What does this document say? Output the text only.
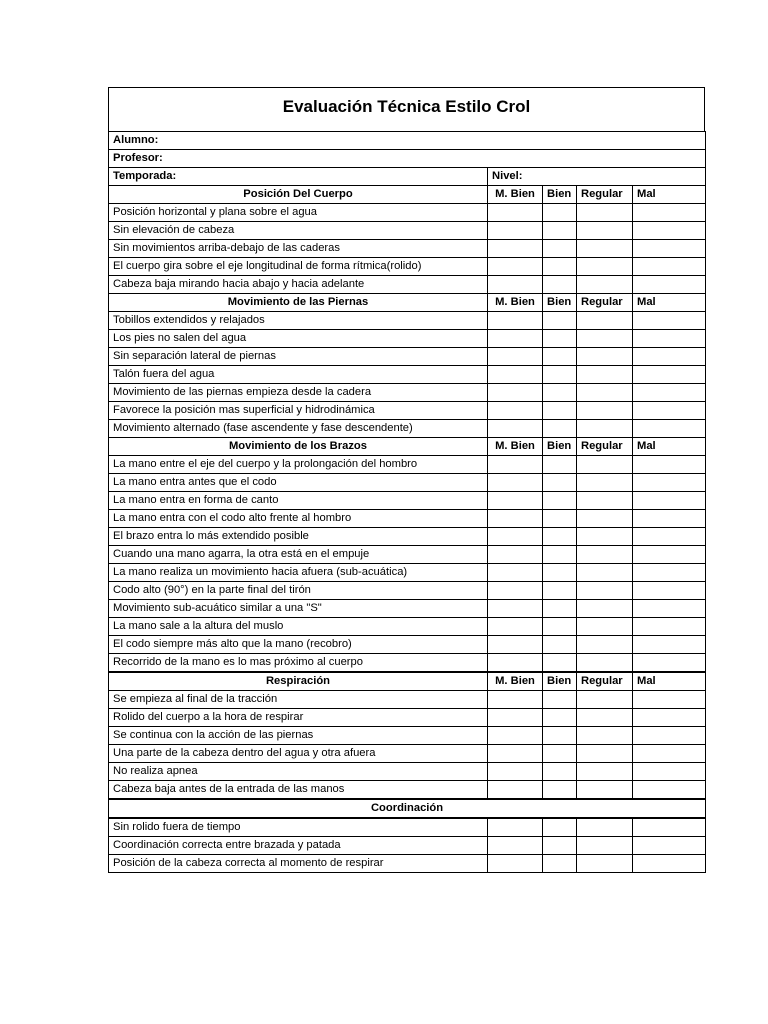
Evaluación Técnica Estilo Crol
Alumno:				
Profesor:				
Temporada:	Nivel:			
Posición Del Cuerpo	M. Bien	Bien	Regular	Mal
Posición horizontal y plana sobre el agua				
Sin elevación de cabeza				
Sin movimientos arriba-debajo de las caderas				
El cuerpo gira sobre el eje longitudinal de forma rítmica(rolido)				
Cabeza baja mirando hacia abajo y hacia adelante				
Movimiento de las Piernas	M. Bien	Bien	Regular	Mal
Tobillos extendidos y relajados				
Los pies no salen del agua				
Sin separación lateral de piernas				
Talón fuera del agua				
Movimiento de las piernas empieza desde la cadera				
Favorece la posición mas superficial y hidrodinámica				
Movimiento alternado (fase ascendente y fase descendente)				
Movimiento de los Brazos	M. Bien	Bien	Regular	Mal
La mano entre el eje del cuerpo y la prolongación del hombro				
La mano entra antes que el codo				
La mano entra en forma de canto				
La mano entra con el codo alto frente al hombro				
El brazo entra lo más extendido posible				
Cuando una mano agarra, la otra está en el empuje				
La mano realiza un movimiento hacia afuera (sub-acuática)				
Codo alto (90°) en la parte final del tirón				
Movimiento sub-acuático similar a una "S"				
La mano sale a la altura del muslo				
El codo siempre más alto que la mano (recobro)				
Recorrido de la mano es lo mas próximo al cuerpo				
Respiración	M. Bien	Bien	Regular	Mal
Se empieza al final de la tracción				
Rolido del cuerpo a la hora de respirar				
Se continua con la acción de las piernas				
Una parte de la cabeza dentro del agua y otra afuera				
No realiza apnea				
Cabeza baja antes de la entrada de las manos				
Coordinación				
Sin rolido fuera de tiempo				
Coordinación correcta entre brazada y patada				
Posición de la cabeza correcta al momento de respirar				
